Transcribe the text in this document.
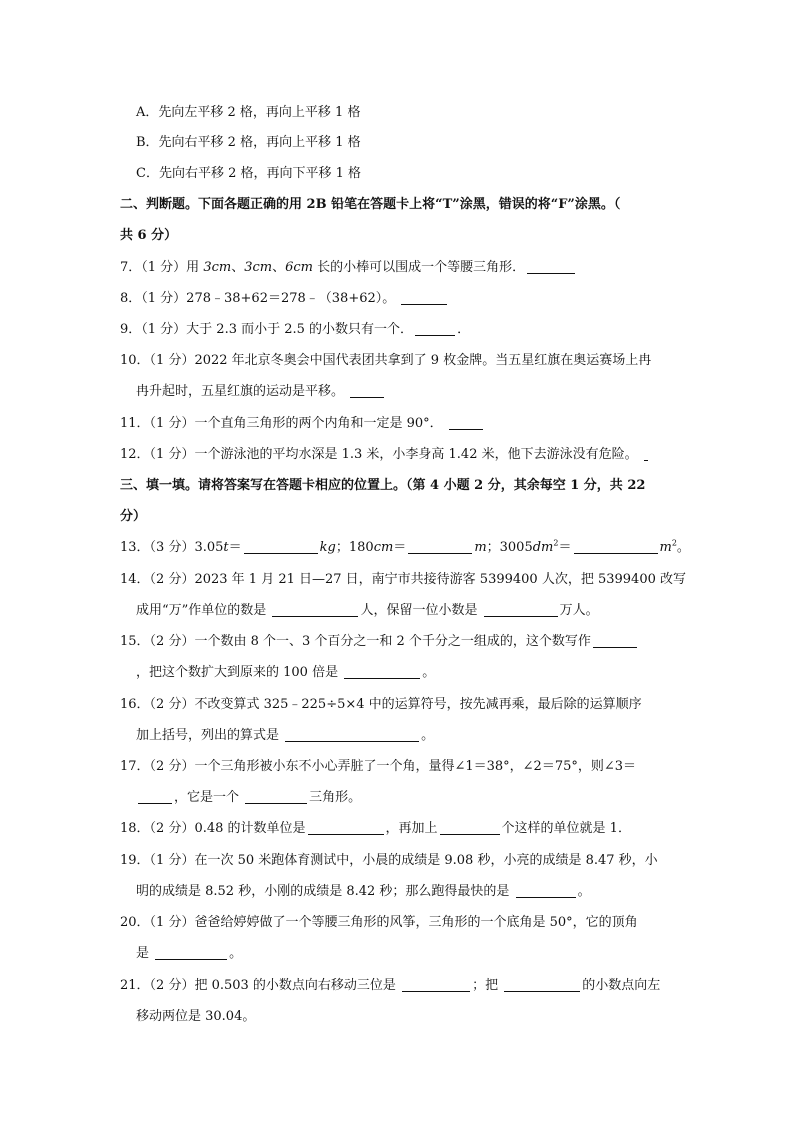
A．先向左平移 2 格，再向上平移 1 格
B．先向右平移 2 格，再向上平移 1 格
C．先向右平移 2 格，再向下平移 1 格
二、判断题。下面各题正确的用 2B 铅笔在答题卡上将“T”涂黑，错误的将“F”涂黑。（
共 6 分）
7．（1 分）用 3cm、3cm、6cm 长的小棒可以围成一个等腰三角形．
8．（1 分）278﹣38+62＝278﹣（38+62）。
9．（1 分）大于 2.3 而小于 2.5 的小数只有一个．	．
10．（1 分）2022 年北京冬奥会中国代表团共拿到了 9 枚金牌。当五星红旗在奥运赛场上冉
冉升起时，五星红旗的运动是平移。
11．（1 分）一个直角三角形的两个内角和一定是 90°．
12．（1 分）一个游泳池的平均水深是 1.3 米，小李身高 1.42 米，他下去游泳没有危险。
三、填一填。请将答案写在答题卡相应的位置上。（第 4 小题 2 分，其余每空 1 分，共 22
分）
13．（3 分）3.05t＝	kg；180cm＝	m；$3005dm^2=$	$m^2$。
14．（2 分）2023 年 1 月 21 日—27 日，南宁市共接待游客 5399400 人次，把 5399400 改写
成用“万”作单位的数是	人，保留一位小数是	万人。
15．（2 分）一个数由 8 个一、3 个百分之一和 2 个千分之一组成的，这个数写作
，把这个数扩大到原来的 100 倍是	。
16．（2 分）不改变算式 325﹣225÷5×4 中的运算符号，按先减再乘，最后除的运算顺序
加上括号，列出的算式是	。
17．（2 分）一个三角形被小东不小心弄脏了一个角，量得∠1＝38°，∠2＝75°，则∠3＝
，它是一个	三角形。
18．（2 分）0.48 的计数单位是	，再加上	个这样的单位就是 1．
19．（1 分）在一次 50 米跑体育测试中，小晨的成绩是 9.08 秒，小亮的成绩是 8.47 秒，小
明的成绩是 8.52 秒，小刚的成绩是 8.42 秒；那么跑得最快的是	。
20．（1 分）爸爸给婷婷做了一个等腰三角形的风筝，三角形的一个底角是 50°，它的顶角
是	。
21．（2 分）把 0.503 的小数点向右移动三位是	；把	的小数点向左
移动两位是 30.04。
